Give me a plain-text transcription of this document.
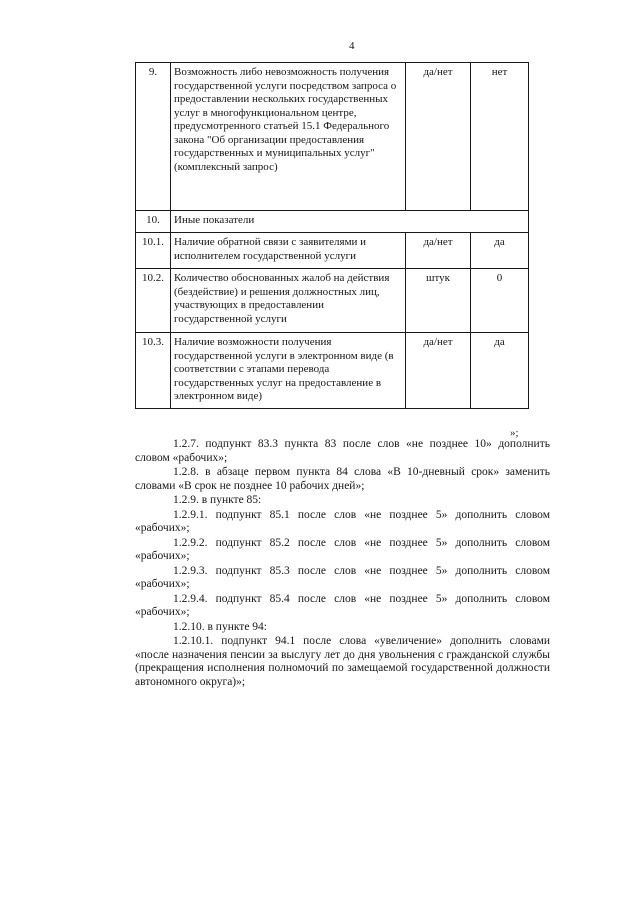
4
9.	Возможность либо невозможность получения государственной услуги посредством запроса о предоставлении нескольких государственных услуг в многофункциональном центре, предусмотренного статьей 15.1 Федерального закона "Об организации предоставления государственных и муниципальных услуг" (комплексный запрос)	да/нет	нет
10.	Иные показатели		
10.1.	Наличие обратной связи с заявителями и исполнителем государственной услуги	да/нет	да
10.2.	Количество обоснованных жалоб на действия (бездействие) и решения должностных лиц, участвующих в предоставлении государственной услуги	штук	0
10.3.	Наличие возможности получения государственной услуги в электронном виде (в соответствии с этапами перевода государственных услуг на предоставление в электронном виде)	да/нет	да
»;

1.2.7. подпункт 83.3 пункта 83 после слов «не позднее 10» дополнить словом «рабочих»;

1.2.8. в абзаце первом пункта 84 слова «В 10-дневный срок» заменить словами «В срок не позднее 10 рабочих дней»;

1.2.9. в пункте 85:

1.2.9.1. подпункт 85.1 после слов «не позднее 5» дополнить словом «рабочих»;

1.2.9.2. подпункт 85.2 после слов «не позднее 5» дополнить словом «рабочих»;

1.2.9.3. подпункт 85.3 после слов «не позднее 5» дополнить словом «рабочих»;

1.2.9.4. подпункт 85.4 после слов «не позднее 5» дополнить словом «рабочих»;

1.2.10. в пункте 94:

1.2.10.1. подпункт 94.1 после слова «увеличение» дополнить словами «после назначения пенсии за выслугу лет до дня увольнения с гражданской службы (прекращения исполнения полномочий по замещаемой государственной должности автономного округа)»;
